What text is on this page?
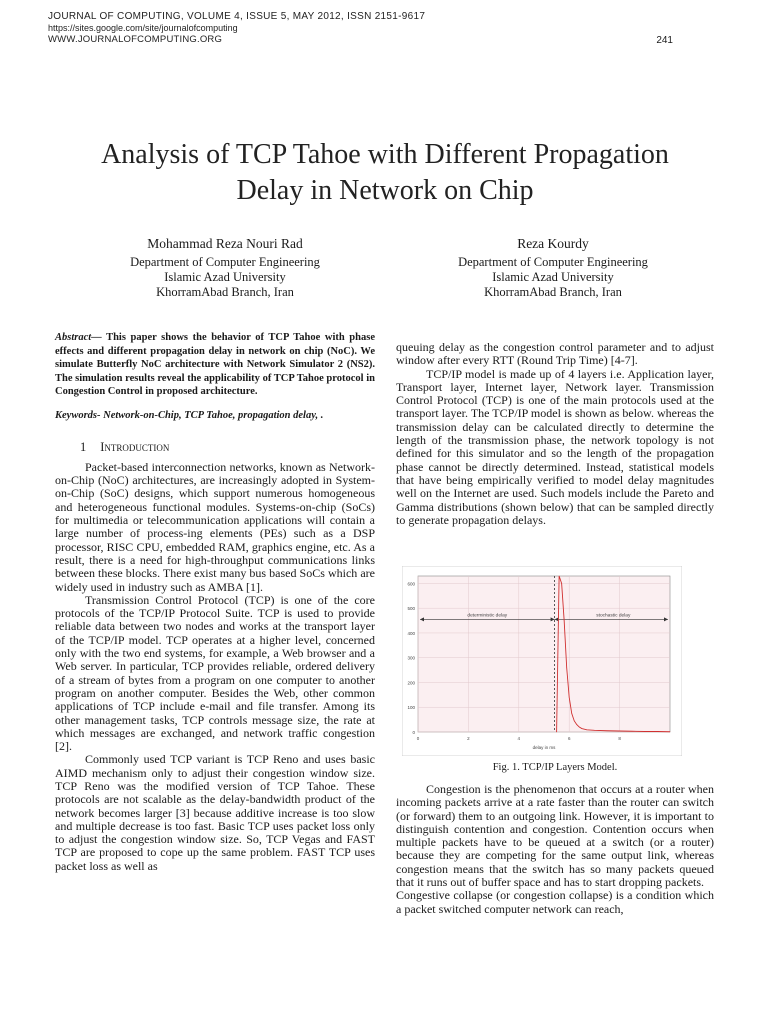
JOURNAL OF COMPUTING, VOLUME 4, ISSUE 5, MAY 2012, ISSN 2151-9617
https://sites.google.com/site/journalofcomputing
WWW.JOURNALOFCOMPUTING.ORG	241
Analysis of TCP Tahoe with Different Propagation
Delay in Network on Chip
Mohammad Reza Nouri Rad
Department of Computer Engineering
Islamic Azad University
KhorramAbad Branch, Iran
Reza Kourdy
Department of Computer Engineering
Islamic Azad University
KhorramAbad Branch, Iran

Abstract— This paper shows the behavior of TCP Tahoe with phase effects and different propagation delay in network on chip (NoC). We simulate Butterfly NoC architecture with Network Simulator 2 (NS2). The simulation results reveal the applicability of TCP Tahoe protocol in Congestion Control in proposed architecture.

Keywords- Network-on-Chip, TCP Tahoe, propagation delay, .

1 Introduction

Packet-based interconnection networks, known as Network-on-Chip (NoC) architectures, are increasingly adopted in System-on-Chip (SoC) designs, which support numerous homogeneous and heterogeneous functional modules. Systems-on-chip (SoCs) for multimedia or telecommunication applications will contain a large number of process-ing elements (PEs) such as a DSP processor, RISC CPU, embedded RAM, graphics engine, etc. As a result, there is a need for high-throughput communications links between these blocks. There exist many bus based SoCs which are widely used in industry such as AMBA [1].

Transmission Control Protocol (TCP) is one of the core protocols of the TCP/IP Protocol Suite. TCP is used to provide reliable data between two nodes and works at the transport layer of the TCP/IP model. TCP operates at a higher level, concerned only with the two end systems, for example, a Web browser and a Web server. In particular, TCP provides reliable, ordered delivery of a stream of bytes from a program on one computer to another program on another computer. Besides the Web, other common applications of TCP include e-mail and file transfer. Among its other management tasks, TCP controls message size, the rate at which messages are exchanged, and network traffic congestion [2].

Commonly used TCP variant is TCP Reno and uses basic AIMD mechanism only to adjust their congestion window size. TCP Reno was the modified version of TCP Tahoe. These protocols are not scalable as the delay-bandwidth product of the network becomes larger [3] because additive increase is too slow and multiple decrease is too fast. Basic TCP uses packet loss only to adjust the congestion window size. So, TCP Vegas and FAST TCP are proposed to cope up the same problem. FAST TCP uses packet loss as well as

queuing delay as the congestion control parameter and to adjust window after every RTT (Round Trip Time) [4-7].

TCP/IP model is made up of 4 layers i.e. Application layer, Transport layer, Internet layer, Network layer. Transmission Control Protocol (TCP) is one of the main protocols used at the transport layer. The TCP/IP model is shown as below. whereas the transmission delay can be calculated directly to determine the length of the transmission phase, the network topology is not defined for this simulator and so the length of the propagation phase cannot be directly determined. Instead, statistical models that have being empirically verified to model delay magnitudes well on the Internet are used. Such models include the Pareto and Gamma distributions (shown below) that can be sampled directly to generate propagation delays.

0
100
200
300
400
500
600
0	2	4	6	8
delay in ms
deterministic delay	stochastic delay
Fig. 1. TCP/IP Layers Model.

Congestion is the phenomenon that occurs at a router when incoming packets arrive at a rate faster than the router can switch (or forward) them to an outgoing link. However, it is important to distinguish contention and congestion. Contention occurs when multiple packets have to be queued at a switch (or a router) because they are competing for the same output link, whereas congestion means that the switch has so many packets queued that it runs out of buffer space and has to start dropping packets.

Congestive collapse (or congestion collapse) is a condition which a packet switched computer network can reach,
